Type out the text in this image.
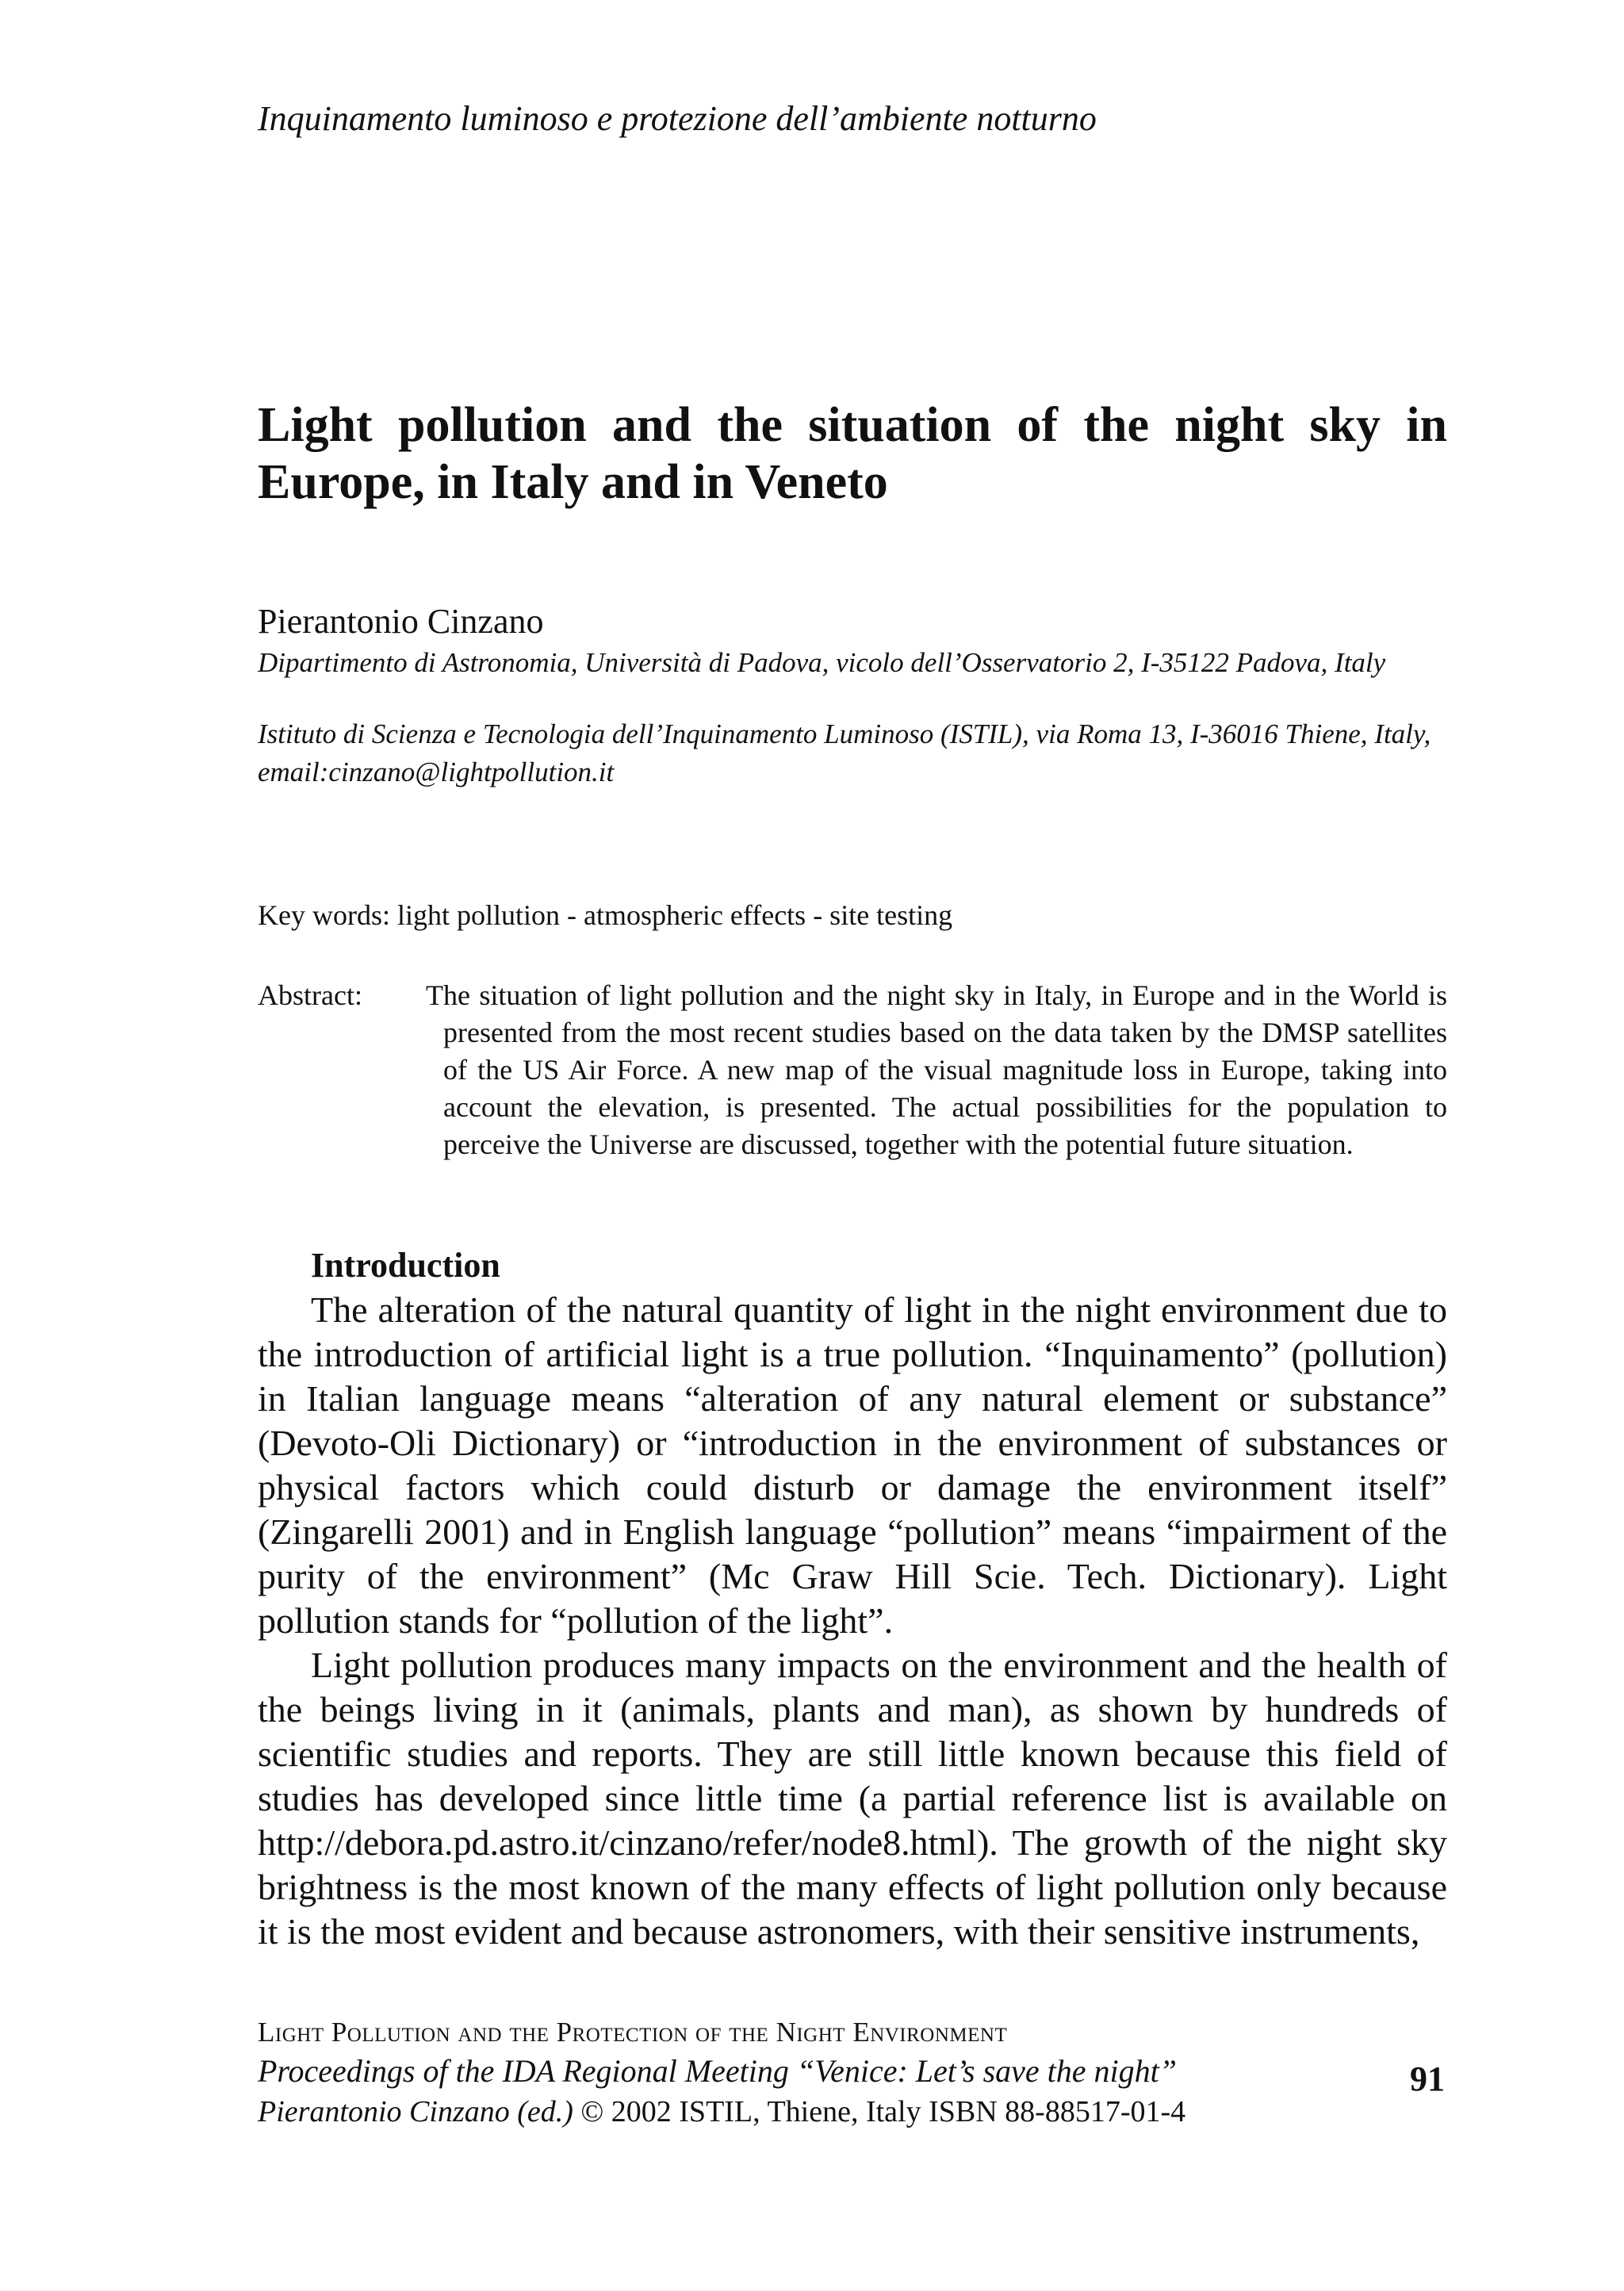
Inquinamento luminoso e protezione dell’ambiente notturno
Light pollution and the situation of the night sky in
Europe, in Italy and in Veneto
Pierantonio Cinzano
Dipartimento di Astronomia, Università di Padova, vicolo dell’Osservatorio 2, I-35122 Padova, Italy
Istituto di Scienza e Tecnologia dell’Inquinamento Luminoso (ISTIL), via Roma 13, I-36016 Thiene, Italy, email:cinzano@lightpollution.it
Key words: light pollution - atmospheric effects - site testing
Abstract: The situation of light pollution and the night sky in Italy, in Europe and in the World is presented from the most recent studies based on the data taken by the DMSP satellites of the US Air Force. A new map of the visual magnitude loss in Europe, taking into account the elevation, is presented. The actual possibilities for the population to perceive the Universe are discussed, together with the potential future situation.
Introduction

The alteration of the natural quantity of light in the night environment due to the introduction of artificial light is a true pollution. “Inquinamento” (pollution) in Italian language means “alteration of any natural element or substance” (Devoto-Oli Dictionary) or “introduction in the environment of substances or physical factors which could disturb or damage the environment itself” (Zingarelli 2001) and in English language “pollution” means “impairment of the purity of the environment” (Mc Graw Hill Scie. Tech. Dictionary). Light pollution stands for “pollution of the light”.

Light pollution produces many impacts on the environment and the health of the beings living in it (animals, plants and man), as shown by hundreds of scientific studies and reports. They are still little known because this field of studies has developed since little time (a partial reference list is available on http://debora.pd.astro.it/cinzano/refer/node8.html). The growth of the night sky brightness is the most known of the many effects of light pollution only because it is the most evident and because astronomers, with their sensitive instruments,

Light Pollution and the Protection of the Night Environment
Proceedings of the IDA Regional Meeting “Venice: Let’s save the night”
Pierantonio Cinzano (ed.) © 2002 ISTIL, Thiene, Italy ISBN 88-88517-01-4
91
